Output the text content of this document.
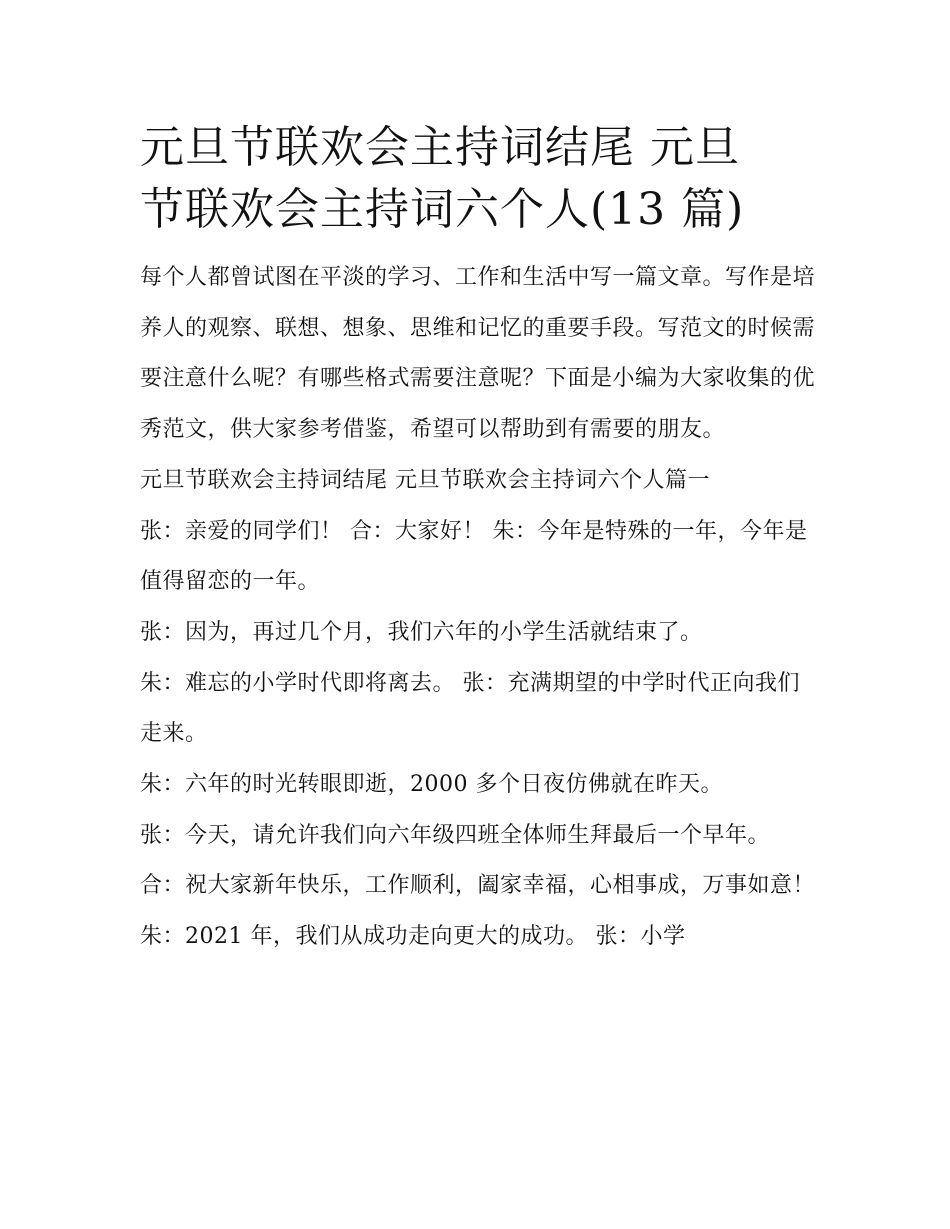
元旦节联欢会主持词结尾 元旦
节联欢会主持词六个人(13 篇)

每个人都曾试图在平淡的学习、工作和生活中写一篇文章。写作是培养人的观察、联想、想象、思维和记忆的重要手段。写范文的时候需要注意什么呢？有哪些格式需要注意呢？下面是小编为大家收集的优秀范文，供大家参考借鉴，希望可以帮助到有需要的朋友。

元旦节联欢会主持词结尾 元旦节联欢会主持词六个人篇一

张：亲爱的同学们！ 合：大家好！ 朱：今年是特殊的一年，今年是值得留恋的一年。

张：因为，再过几个月，我们六年的小学生活就结束了。

朱：难忘的小学时代即将离去。 张：充满期望的中学时代正向我们走来。

朱：六年的时光转眼即逝，2000 多个日夜仿佛就在昨天。

张：今天，请允许我们向六年级四班全体师生拜最后一个早年。

合：祝大家新年快乐，工作顺利，阖家幸福，心相事成，万事如意！ 朱：2021 年，我们从成功走向更大的成功。 张：小学
